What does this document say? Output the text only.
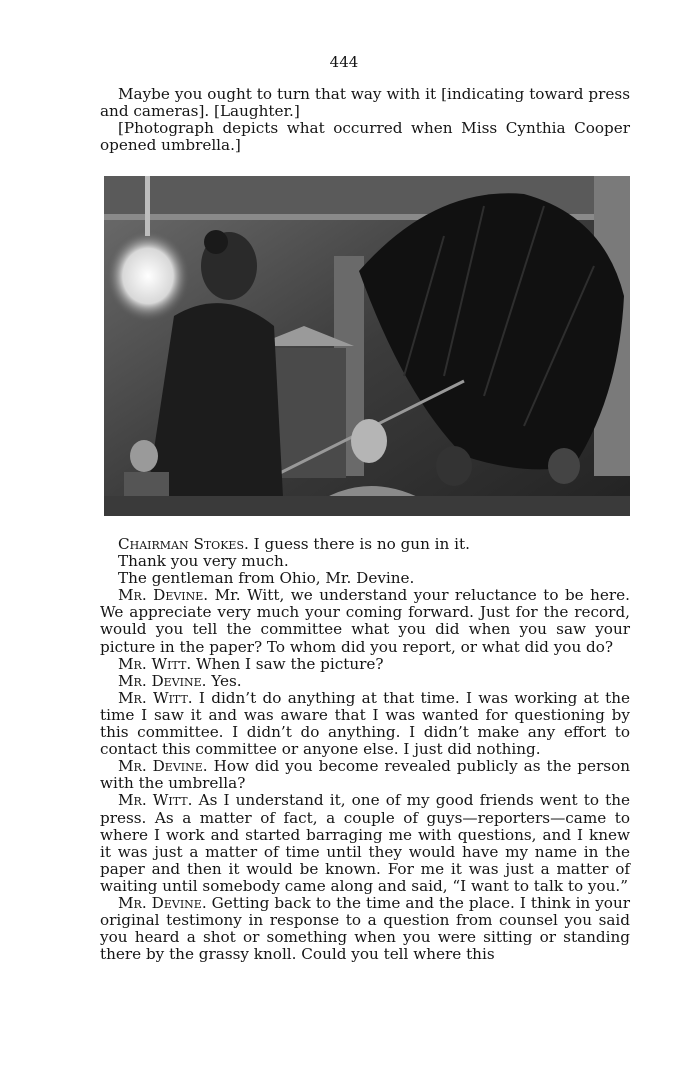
444

Maybe you ought to turn that way with it [indicating toward press and cameras]. [Laughter.]

[Photograph depicts what occurred when Miss Cynthia Cooper opened umbrella.]

Chairman Stokes. I guess there is no gun in it.

Thank you very much.

The gentleman from Ohio, Mr. Devine.

Mr. Devine. Mr. Witt, we understand your reluctance to be here. We appreciate very much your coming forward. Just for the record, would you tell the committee what you did when you saw your picture in the paper? To whom did you report, or what did you do?

Mr. Witt. When I saw the picture?

Mr. Devine. Yes.

Mr. Witt. I didn’t do anything at that time. I was working at the time I saw it and was aware that I was wanted for questioning by this committee. I didn’t do anything. I didn’t make any effort to contact this committee or anyone else. I just did nothing.

Mr. Devine. How did you become revealed publicly as the person with the umbrella?

Mr. Witt. As I understand it, one of my good friends went to the press. As a matter of fact, a couple of guys—reporters—came to where I work and started barraging me with questions, and I knew it was just a matter of time until they would have my name in the paper and then it would be known. For me it was just a matter of waiting until somebody came along and said, “I want to talk to you.”

Mr. Devine. Getting back to the time and the place. I think in your original testimony in response to a question from counsel you said you heard a shot or something when you were sitting or standing there by the grassy knoll. Could you tell where this
